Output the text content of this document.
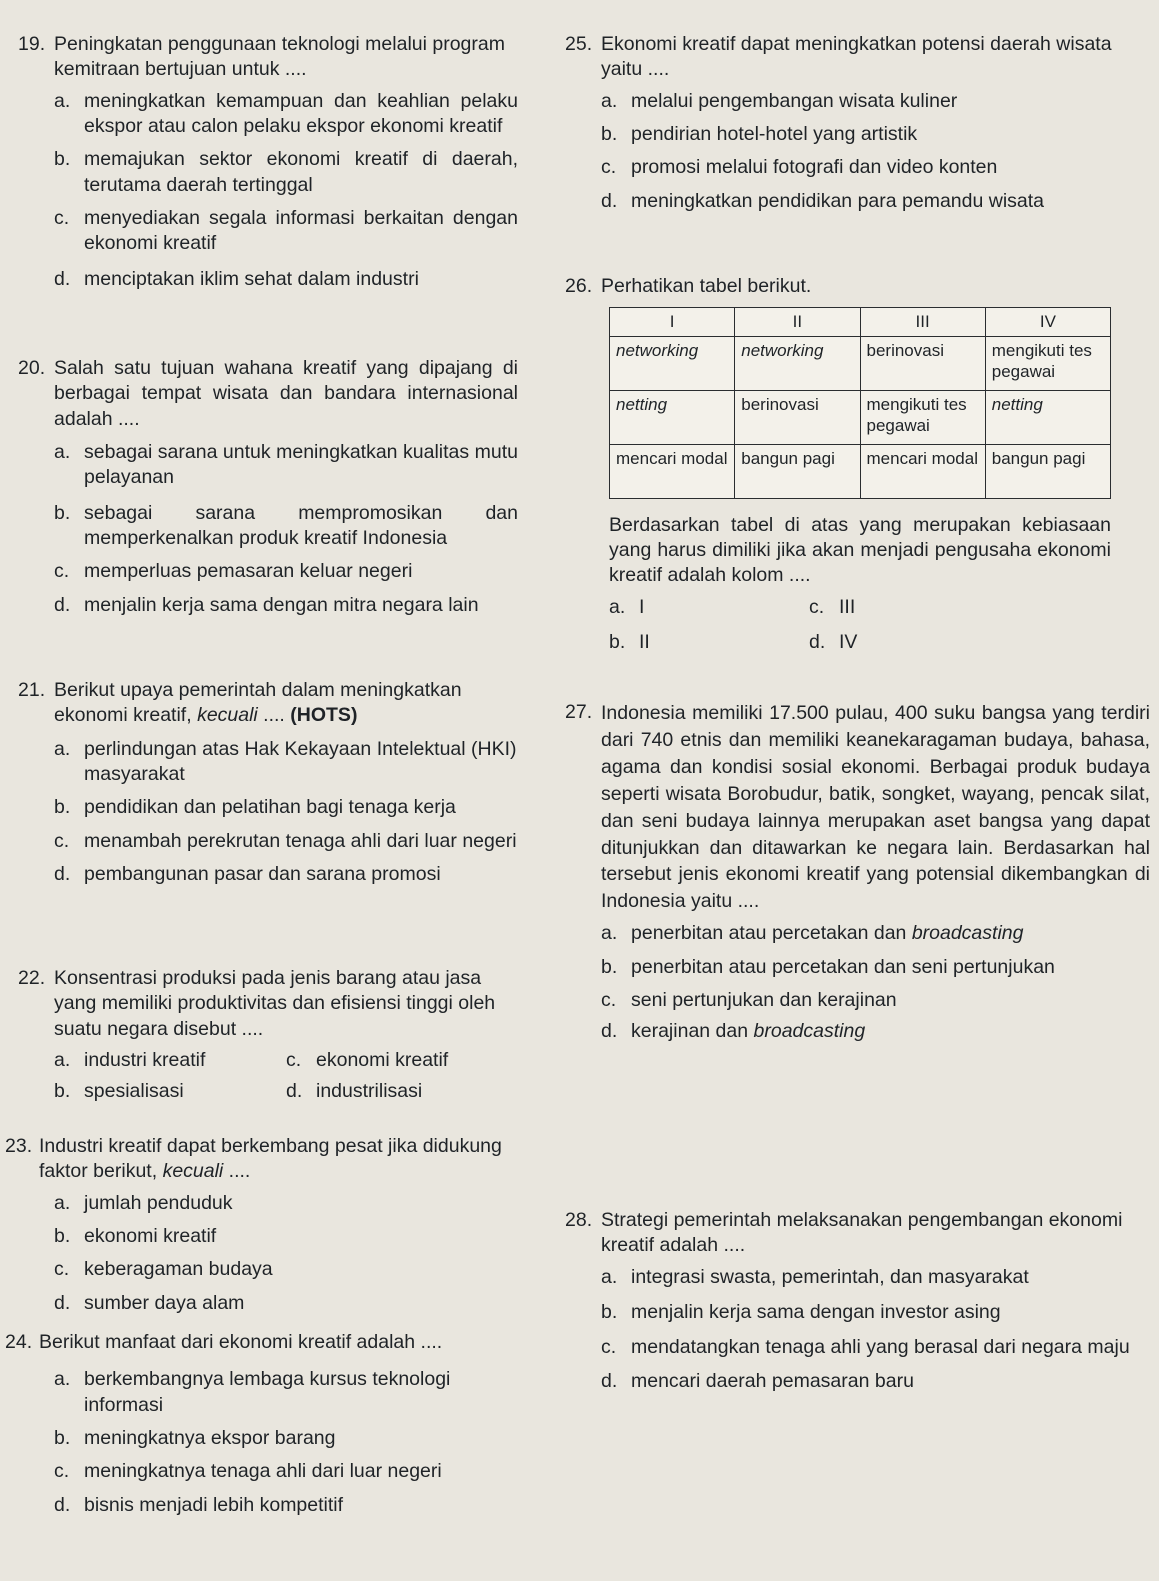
19. Peningkatan penggunaan teknologi melalui program kemitraan bertujuan untuk ....
a. meningkatkan kemampuan dan keahlian pelaku ekspor atau calon pelaku ekspor ekonomi kreatif
b. memajukan sektor ekonomi kreatif di daerah, terutama daerah tertinggal
c. menyediakan segala informasi berkaitan dengan ekonomi kreatif
d. menciptakan iklim sehat dalam industri
20. Salah satu tujuan wahana kreatif yang dipajang di berbagai tempat wisata dan bandara internasional adalah ....
a. sebagai sarana untuk meningkatkan kualitas mutu pelayanan
b. sebagai sarana mempromosikan dan memperkenalkan produk kreatif Indonesia
c. memperluas pemasaran keluar negeri
d. menjalin kerja sama dengan mitra negara lain
21. Berikut upaya pemerintah dalam meningkatkan ekonomi kreatif, kecuali .... (HOTS)
a. perlindungan atas Hak Kekayaan Intelektual (HKI) masyarakat
b. pendidikan dan pelatihan bagi tenaga kerja
c. menambah perekrutan tenaga ahli dari luar negeri
d. pembangunan pasar dan sarana promosi
22. Konsentrasi produksi pada jenis barang atau jasa yang memiliki produktivitas dan efisiensi tinggi oleh suatu negara disebut ....
a. industri kreatif	c. ekonomi kreatif
b. spesialisasi	d. industrilisasi
23. Industri kreatif dapat berkembang pesat jika didukung faktor berikut, kecuali ....
a. jumlah penduduk
b. ekonomi kreatif
c. keberagaman budaya
d. sumber daya alam
24. Berikut manfaat dari ekonomi kreatif adalah ....
a. berkembangnya lembaga kursus teknologi informasi
b. meningkatnya ekspor barang
c. meningkatnya tenaga ahli dari luar negeri
d. bisnis menjadi lebih kompetitif
25. Ekonomi kreatif dapat meningkatkan potensi daerah wisata yaitu ....
a. melalui pengembangan wisata kuliner
b. pendirian hotel-hotel yang artistik
c. promosi melalui fotografi dan video konten
d. meningkatkan pendidikan para pemandu wisata
26. Perhatikan tabel berikut.
I	II	III	IV
networking	networking	berinovasi	mengikuti tes pegawai
netting	berinovasi	mengikuti tes pegawai	netting
mencari modal	bangun pagi	mencari modal	bangun pagi
Berdasarkan tabel di atas yang merupakan kebiasaan yang harus dimiliki jika akan menjadi pengusaha ekonomi kreatif adalah kolom ....
a. I	c. III
b. II	d. IV
27. Indonesia memiliki 17.500 pulau, 400 suku bangsa yang terdiri dari 740 etnis dan memiliki keanekaragaman budaya, bahasa, agama dan kondisi sosial ekonomi. Berbagai produk budaya seperti wisata Borobudur, batik, songket, wayang, pencak silat, dan seni budaya lainnya merupakan aset bangsa yang dapat ditunjukkan dan ditawarkan ke negara lain. Berdasarkan hal tersebut jenis ekonomi kreatif yang potensial dikembangkan di Indonesia yaitu ....
a. penerbitan atau percetakan dan broadcasting
b. penerbitan atau percetakan dan seni pertunjukan
c. seni pertunjukan dan kerajinan
d. kerajinan dan broadcasting
28. Strategi pemerintah melaksanakan pengembangan ekonomi kreatif adalah ....
a. integrasi swasta, pemerintah, dan masyarakat
b. menjalin kerja sama dengan investor asing
c. mendatangkan tenaga ahli yang berasal dari negara maju
d. mencari daerah pemasaran baru
